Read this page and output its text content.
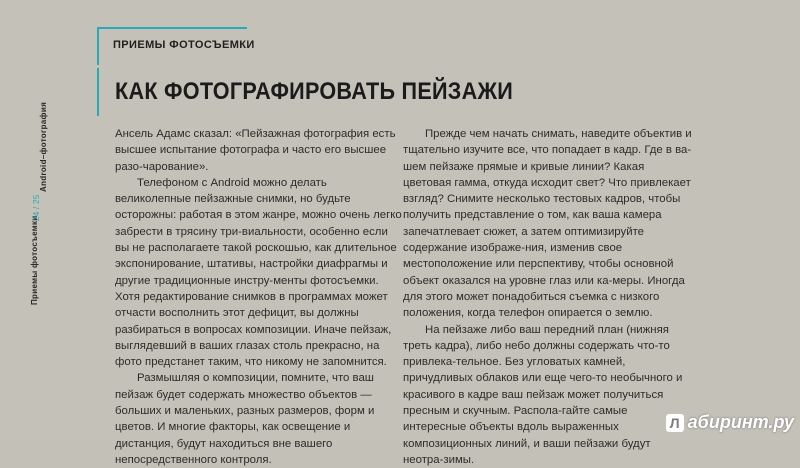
Приемы фотосъемки
24 / 25
Android–фотография
ПРИЕМЫ ФОТОСЪЕМКИ
КАК ФОТОГРАФИРОВАТЬ ПЕЙЗАЖИ

Ансель Адамс сказал: «Пейзажная фотография есть высшее испытание фотографа и часто его высшее разо-чарование».

Телефоном с Android можно делать великолепные пейзажные снимки, но будьте осторожны: работая в этом жанре, можно очень легко забрести в трясину три-виальности, особенно если вы не располагаете такой роскошью, как длительное экспонирование, штативы, настройки диафрагмы и другие традиционные инстру-менты фотосъемки. Хотя редактирование снимков в программах может отчасти восполнить этот дефицит, вы должны разбираться в вопросах композиции. Иначе пейзаж, выглядевший в ваших глазах столь прекрасно, на фото предстанет таким, что никому не запомнится.

Размышляя о композиции, помните, что ваш пейзаж будет содержать множество объектов — больших и маленьких, разных размеров, форм и цветов. И многие факторы, как освещение и дистанция, будут находиться вне вашего непосредственного контроля.

Прежде чем начать снимать, наведите объектив и тщательно изучите все, что попадает в кадр. Где в ва-шем пейзаже прямые и кривые линии? Какая цветовая гамма, откуда исходит свет? Что привлекает взгляд? Снимите несколько тестовых кадров, чтобы получить представление о том, как ваша камера запечатлевает сюжет, а затем оптимизируйте содержание изображе-ния, изменив свое местоположение или перспективу, чтобы основной объект оказался на уровне глаз или ка-меры. Иногда для этого может понадобиться съемка с низкого положения, когда телефон опирается о землю.

На пейзаже либо ваш передний план (нижняя треть кадра), либо небо должны содержать что-то привлека-тельное. Без угловатых камней, причудливых облаков или еще чего-то необычного и красивого в кадре ваш пейзаж может получиться пресным и скучным. Распола-гайте самые интересные объекты вдоль выраженных композиционных линий, и ваши пейзажи будут неотра-зимы.

Л абиринт.ру
